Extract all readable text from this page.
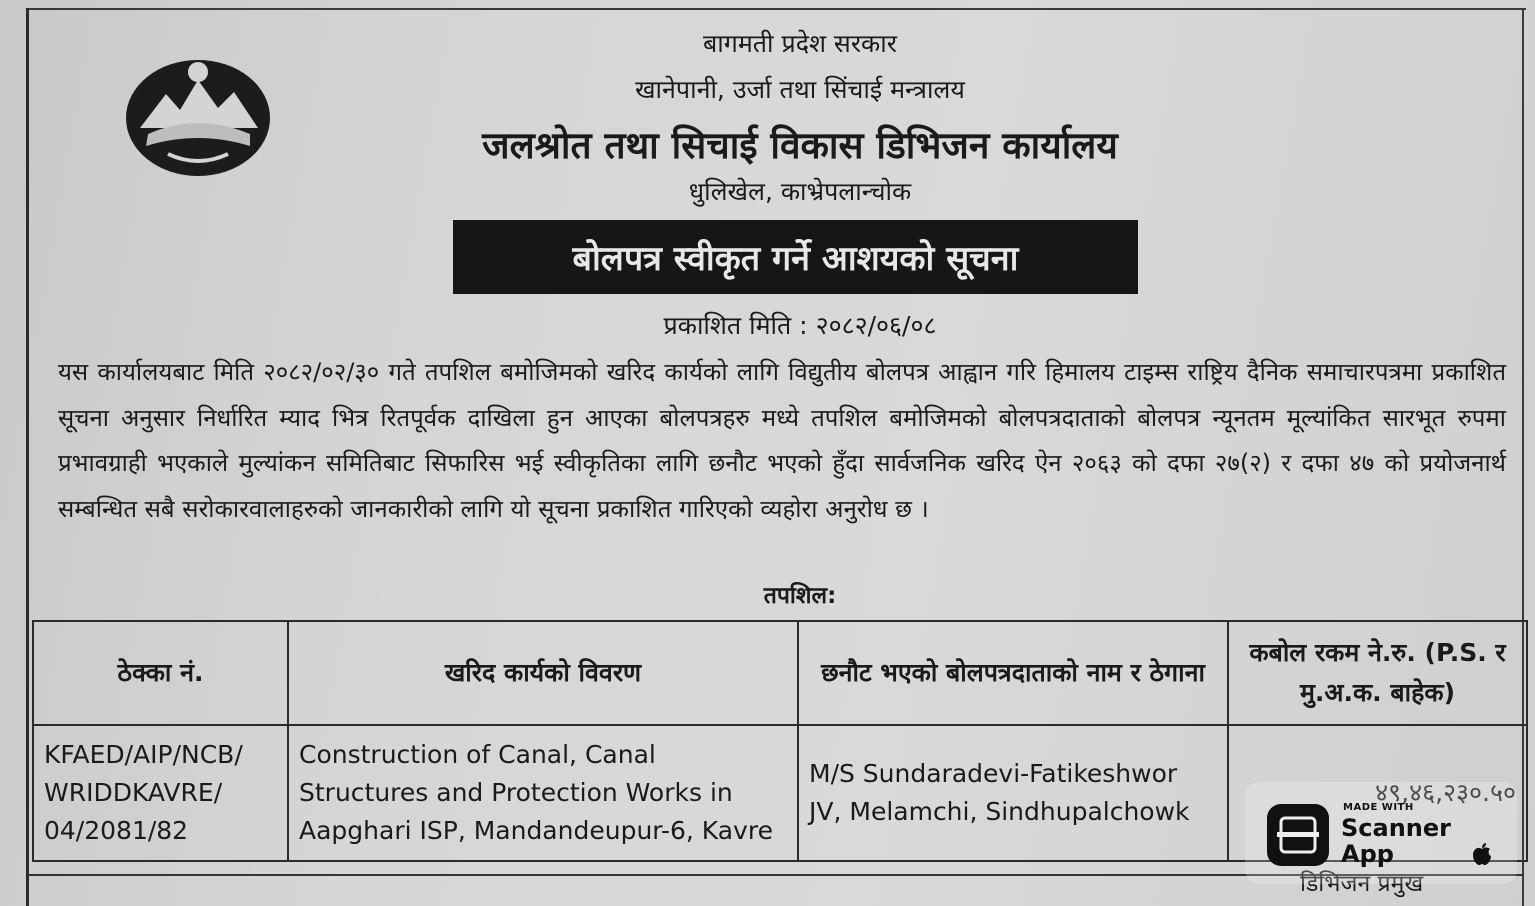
बागमती प्रदेश सरकार
खानेपानी, उर्जा तथा सिंचाई मन्त्रालय
जलश्रोत तथा सिचाई विकास डिभिजन कार्यालय
धुलिखेल, काभ्रेपलान्चोक
बोलपत्र स्वीकृत गर्ने आशयको सूचना
प्रकाशित मिति : २०८२/०६/०८
यस कार्यालयबाट मिति २०८२/०२/३० गते तपशिल बमोजिमको खरिद कार्यको लागि विद्युतीय बोलपत्र आह्वान गरि हिमालय टाइम्स राष्ट्रिय दैनिक समाचारपत्रमा प्रकाशित सूचना अनुसार निर्धारित म्याद भित्र रितपूर्वक दाखिला हुन आएका बोलपत्रहरु मध्ये तपशिल बमोजिमको बोलपत्रदाताको बोलपत्र न्यूनतम मूल्यांकित सारभूत रुपमा प्रभावग्राही भएकाले मुल्यांकन समितिबाट सिफारिस भई स्वीकृतिका लागि छनौट भएको हुँदा सार्वजनिक खरिद ऐन २०६३ को दफा २७(२) र दफा ४७ को प्रयोजनार्थ सम्बन्धित सबै सरोकारवालाहरुको जानकारीको लागि यो सूचना प्रकाशित गारिएको व्यहोरा अनुरोध छ ।
तपशिल:
ठेक्का नं.	खरिद कार्यको विवरण	छनौट भएको बोलपत्रदाताको नाम र ठेगाना	कबोल रकम ने.रु. (P.S. र मु.अ.क. बाहेक)
KFAED/AIP/NCB/ WRIDDKAVRE/ 04/2081/82	Construction of Canal, Canal Structures and Protection Works in Aapghari ISP, Mandandeupur-6, Kavre	M/S Sundaradevi-Fatikeshwor JV, Melamchi, Sindhupalchowk	४९,४६,२३०.५०
डिभिजन प्रमुख
MADE WITH
Scanner
App
